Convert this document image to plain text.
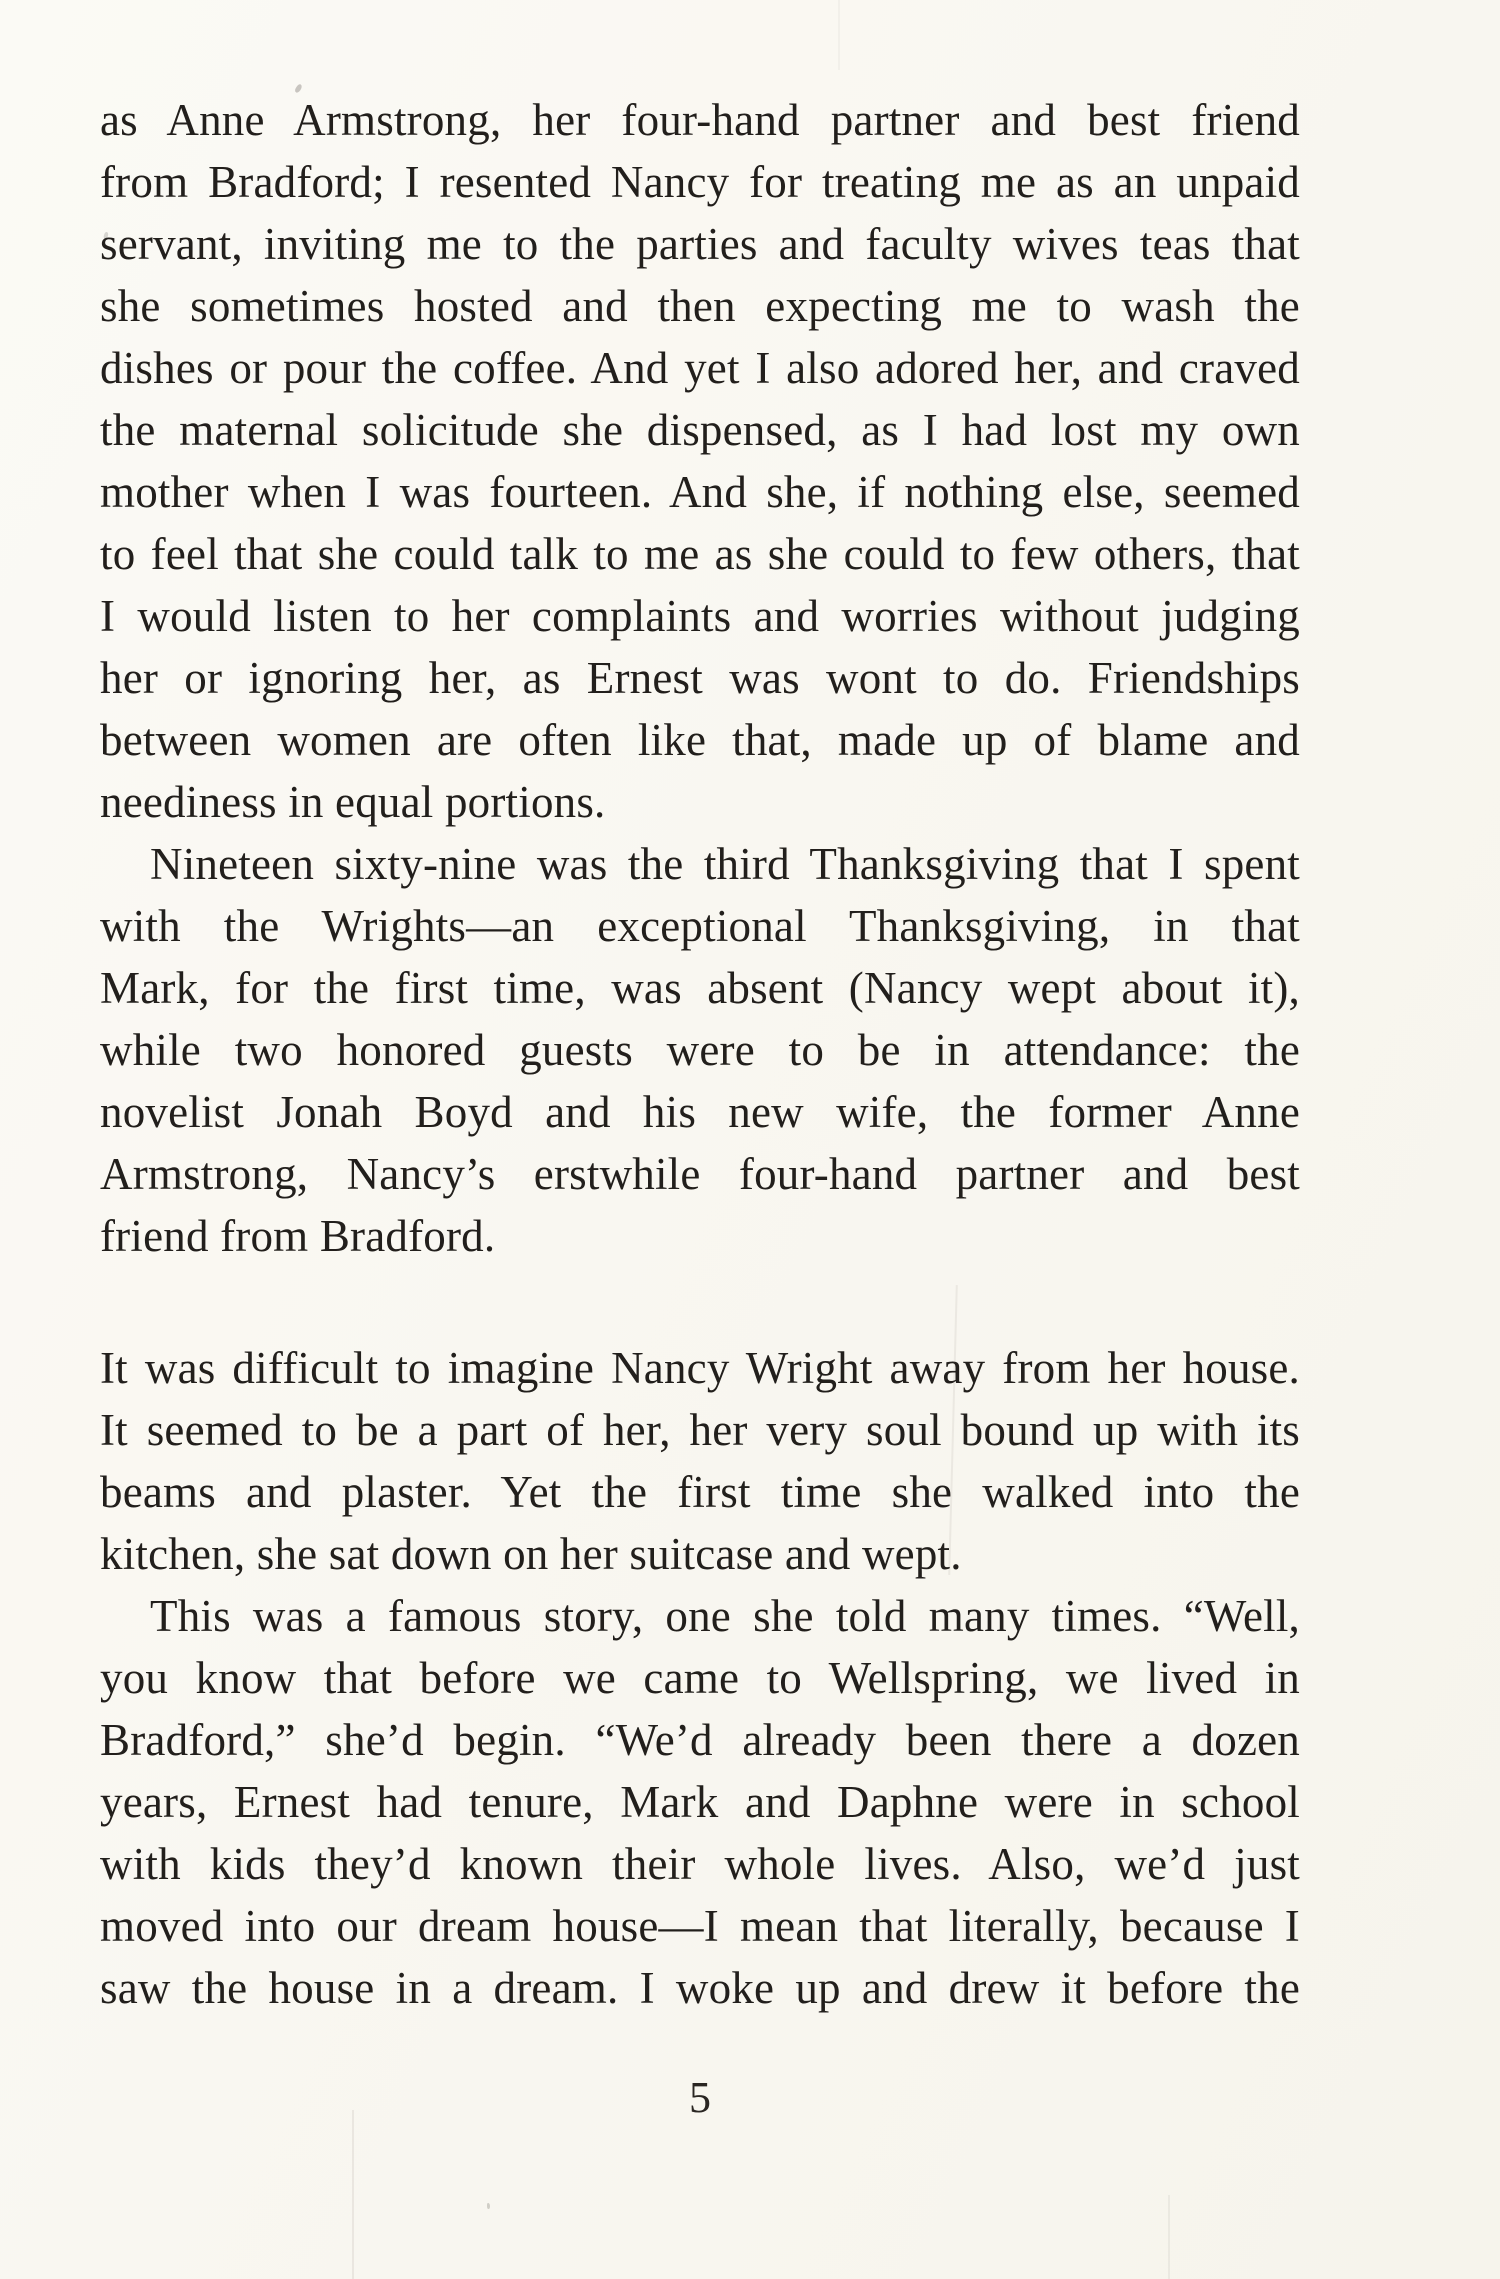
as Anne Armstrong, her four-hand partner and best friend
from Bradford; I resented Nancy for treating me as an unpaid
servant, inviting me to the parties and faculty wives teas that
she sometimes hosted and then expecting me to wash the
dishes or pour the coffee. And yet I also adored her, and craved
the maternal solicitude she dispensed, as I had lost my own
mother when I was fourteen. And she, if nothing else, seemed
to feel that she could talk to me as she could to few others, that
I would listen to her complaints and worries without judging
her or ignoring her, as Ernest was wont to do. Friendships
between women are often like that, made up of blame and
neediness in equal portions.
Nineteen sixty-nine was the third Thanksgiving that I spent
with the Wrights—an exceptional Thanksgiving, in that
Mark, for the first time, was absent (Nancy wept about it),
while two honored guests were to be in attendance: the
novelist Jonah Boyd and his new wife, the former Anne
Armstrong, Nancy’s erstwhile four-hand partner and best
friend from Bradford.
It was difficult to imagine Nancy Wright away from her house.
It seemed to be a part of her, her very soul bound up with its
beams and plaster. Yet the first time she walked into the
kitchen, she sat down on her suitcase and wept.
This was a famous story, one she told many times. “Well,
you know that before we came to Wellspring, we lived in
Bradford,” she’d begin. “We’d already been there a dozen
years, Ernest had tenure, Mark and Daphne were in school
with kids they’d known their whole lives. Also, we’d just
moved into our dream house—I mean that literally, because I
saw the house in a dream. I woke up and drew it before the
5
